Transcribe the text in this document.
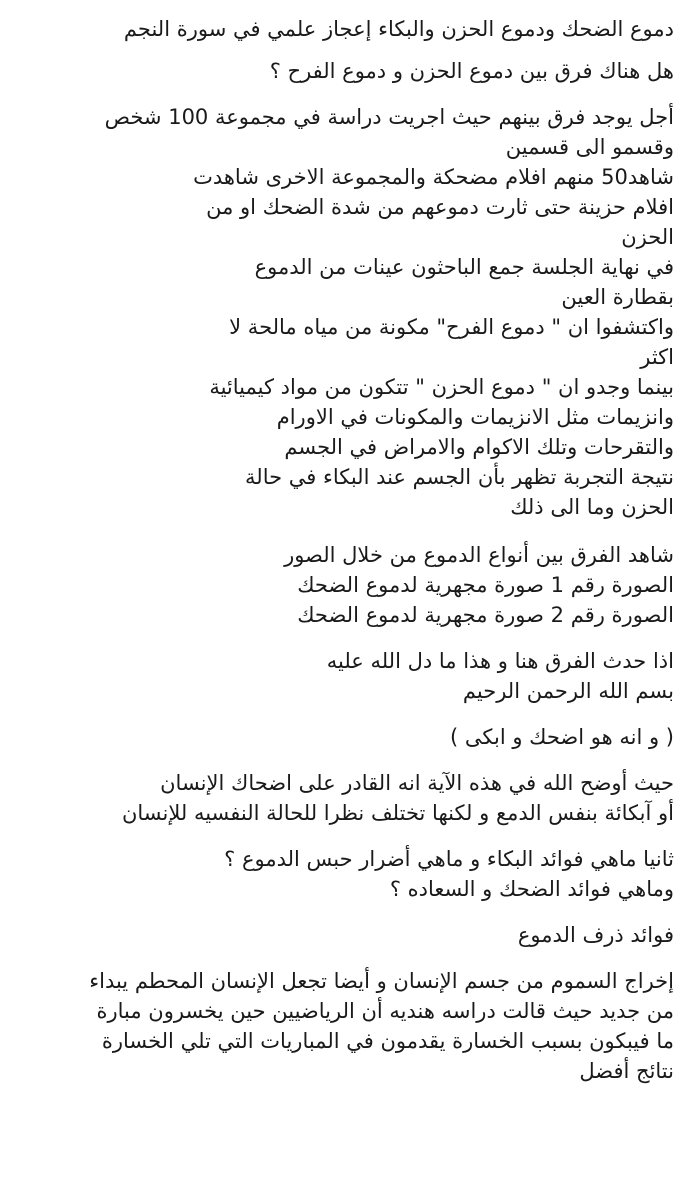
دموع الضحك ودموع الحزن والبكاء إعجاز علمي في سورة النجم
هل هناك فرق بين دموع الحزن و دموع الفرح ؟
أجل يوجد فرق بينهم حيث اجريت دراسة في مجموعة 100 شخص
وقسمو الى قسمين
شاهد50 منهم افلام مضحكة والمجموعة الاخرى شاهدت
افلام حزينة حتى ثارت دموعهم من شدة الضحك او من
الحزن
في نهاية الجلسة جمع الباحثون عينات من الدموع
بقطارة العين
واكتشفوا ان " دموع الفرح" مكونة من مياه مالحة لا
اكثر
بينما وجدو ان " دموع الحزن " تتكون من مواد كيميائية
وانزيمات مثل الانزيمات والمكونات في الاورام
والتقرحات وتلك الاكوام والامراض في الجسم
نتيجة التجربة تظهر بأن الجسم عند البكاء في حالة
الحزن وما الى ذلك
شاهد الفرق بين أنواع الدموع من خلال الصور
الصورة رقم 1 صورة مجهرية لدموع الضحك
الصورة رقم 2 صورة مجهرية لدموع الضحك
اذا حدث الفرق هنا و هذا ما دل الله عليه
بسم الله الرحمن الرحيم
( و انه هو اضحك و ابكى )
حيث أوضح الله في هذه الآية انه القادر على اضحاك الإنسان
أو آبكائة بنفس الدمع و لكنها تختلف نظرا للحالة النفسيه للإنسان
ثانيا ماهي فوائد البكاء و ماهي أضرار حبس الدموع ؟
وماهي فوائد الضحك و السعاده ؟
فوائد ذرف الدموع
إخراج السموم من جسم الإنسان و أيضا تجعل الإنسان المحطم يبداء
من جديد حيث قالت دراسه هنديه أن الرياضيين حين يخسرون مبارة
ما فيبكون بسبب الخسارة يقدمون في المباريات التي تلي الخسارة
نتائج أفضل
